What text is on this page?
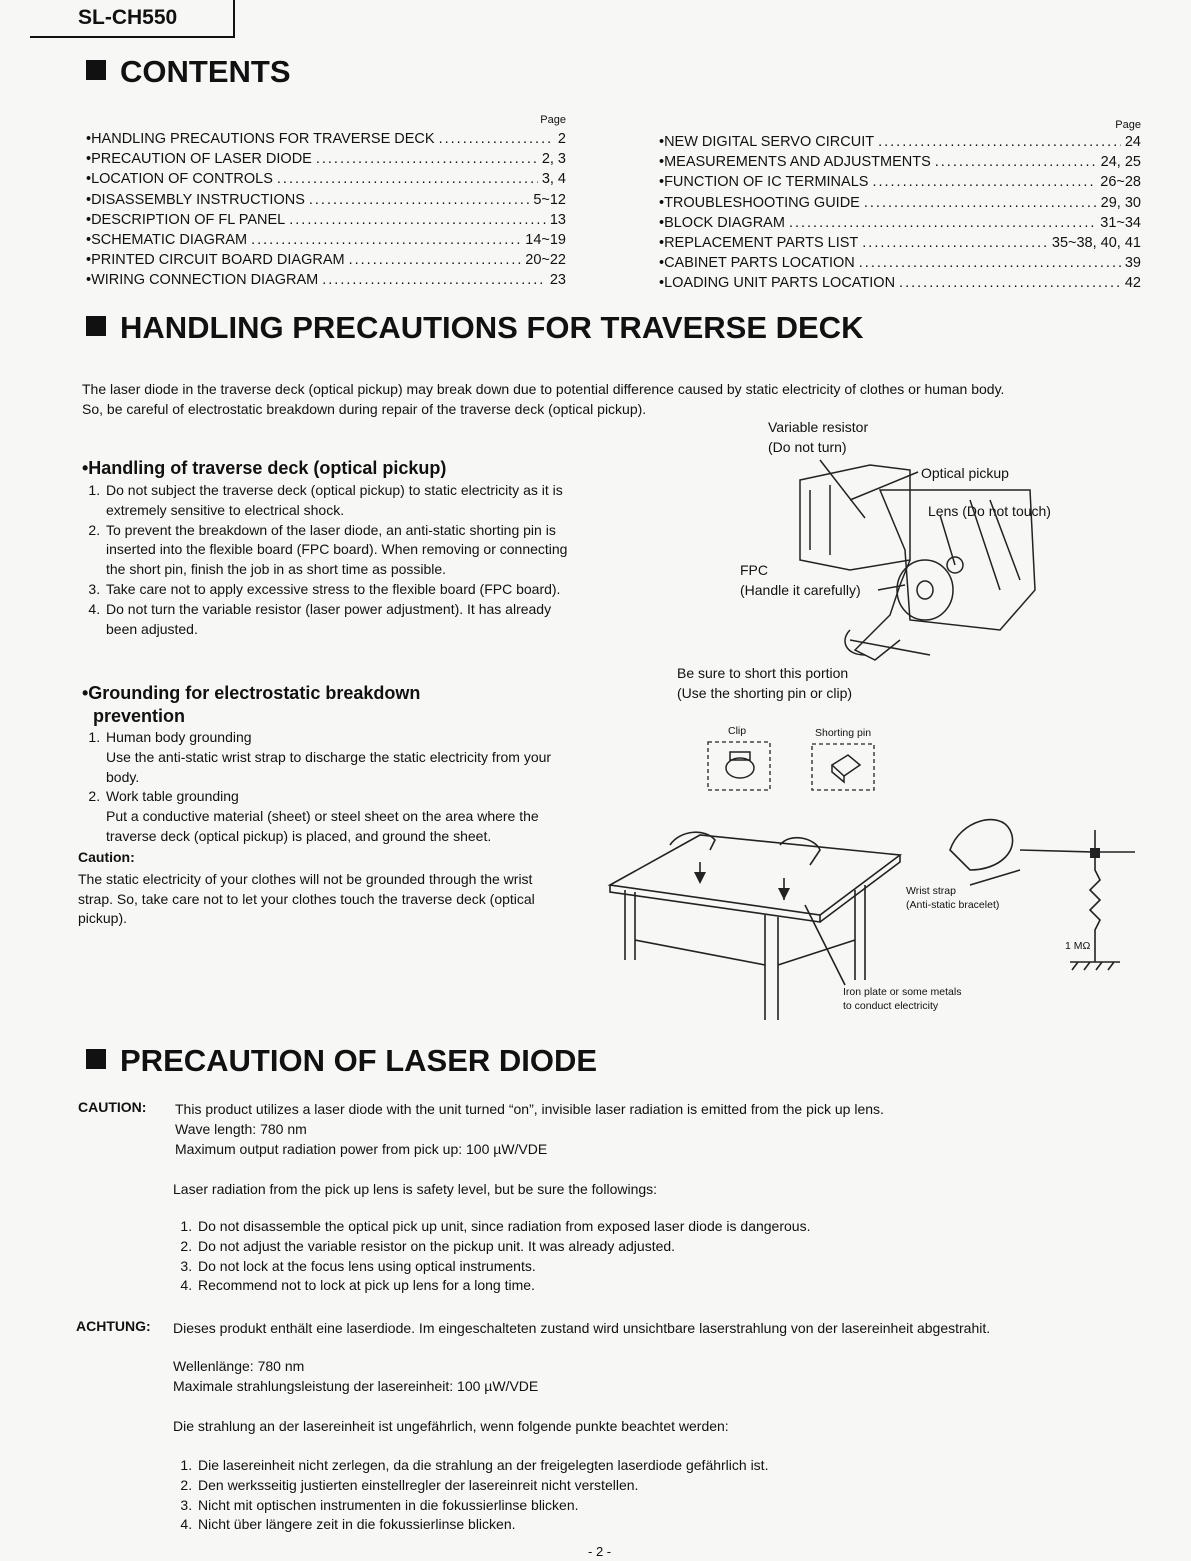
SL-CH550
CONTENTS
Page	Page
•HANDLING PRECAUTIONS FOR TRAVERSE DECK .....	2
•PRECAUTION OF LASER DIODE .....	2, 3
•LOCATION OF CONTROLS .....	3, 4
•DISASSEMBLY INSTRUCTIONS .....	5~12
•DESCRIPTION OF FL PANEL .....	13
•SCHEMATIC DIAGRAM .....	14~19
•PRINTED CIRCUIT BOARD DIAGRAM .....	20~22
•WIRING CONNECTION DIAGRAM .....	23
•NEW DIGITAL SERVO CIRCUIT .....	24
•MEASUREMENTS AND ADJUSTMENTS .....	24, 25
•FUNCTION OF IC TERMINALS .....	26~28
•TROUBLESHOOTING GUIDE .....	29, 30
•BLOCK DIAGRAM .....	31~34
•REPLACEMENT PARTS LIST .....	35~38, 40, 41
•CABINET PARTS LOCATION .....	39
•LOADING UNIT PARTS LOCATION .....	42
HANDLING PRECAUTIONS FOR TRAVERSE DECK
The laser diode in the traverse deck (optical pickup) may break down due to potential difference caused by static electricity of clothes or human body.
So, be careful of electrostatic breakdown during repair of the traverse deck (optical pickup).
•Handling of traverse deck (optical pickup)
1. Do not subject the traverse deck (optical pickup) to static electricity as it is extremely sensitive to electrical shock.
2. To prevent the breakdown of the laser diode, an anti-static shorting pin is inserted into the flexible board (FPC board). When removing or connecting the short pin, finish the job in as short time as possible.
3. Take care not to apply excessive stress to the flexible board (FPC board).
4. Do not turn the variable resistor (laser power adjustment). It has already been adjusted.
•Grounding for electrostatic breakdown
prevention
1. Human body grounding
Use the anti-static wrist strap to discharge the static electricity from your body.
2. Work table grounding
Put a conductive material (sheet) or steel sheet on the area where the traverse deck (optical pickup) is placed, and ground the sheet.
Caution:
The static electricity of your clothes will not be grounded through the wrist strap. So, take care not to let your clothes touch the traverse deck (optical pickup).
Variable resistor
(Do not turn)
Optical pickup
Lens (Do not touch)
FPC
(Handle it carefully)
Be sure to short this portion
(Use the shorting pin or clip)
Clip	Shorting pin
Wrist strap
(Anti-static bracelet)
1 MΩ
Iron plate or some metals
to conduct electricity
PRECAUTION OF LASER DIODE
CAUTION: This product utilizes a laser diode with the unit turned “on”, invisible laser radiation is emitted from the pick up lens.
Wave length: 780 nm
Maximum output radiation power from pick up: 100 µW/VDE
Laser radiation from the pick up lens is safety level, but be sure the followings:
1. Do not disassemble the optical pick up unit, since radiation from exposed laser diode is dangerous.
2. Do not adjust the variable resistor on the pickup unit. It was already adjusted.
3. Do not lock at the focus lens using optical instruments.
4. Recommend not to lock at pick up lens for a long time.
ACHTUNG: Dieses produkt enthält eine laserdiode. Im eingeschalteten zustand wird unsichtbare laserstrahlung von der lasereinheit abgestrahit.
Wellenlänge: 780 nm
Maximale strahlungsleistung der lasereinheit: 100 µW/VDE
Die strahlung an der lasereinheit ist ungefährlich, wenn folgende punkte beachtet werden:
1. Die lasereinheit nicht zerlegen, da die strahlung an der freigelegten laserdiode gefährlich ist.
2. Den werksseitig justierten einstellregler der lasereinreit nicht verstellen.
3. Nicht mit optischen instrumenten in die fokussierlinse blicken.
4. Nicht über längere zeit in die fokussierlinse blicken.
- 2 -
